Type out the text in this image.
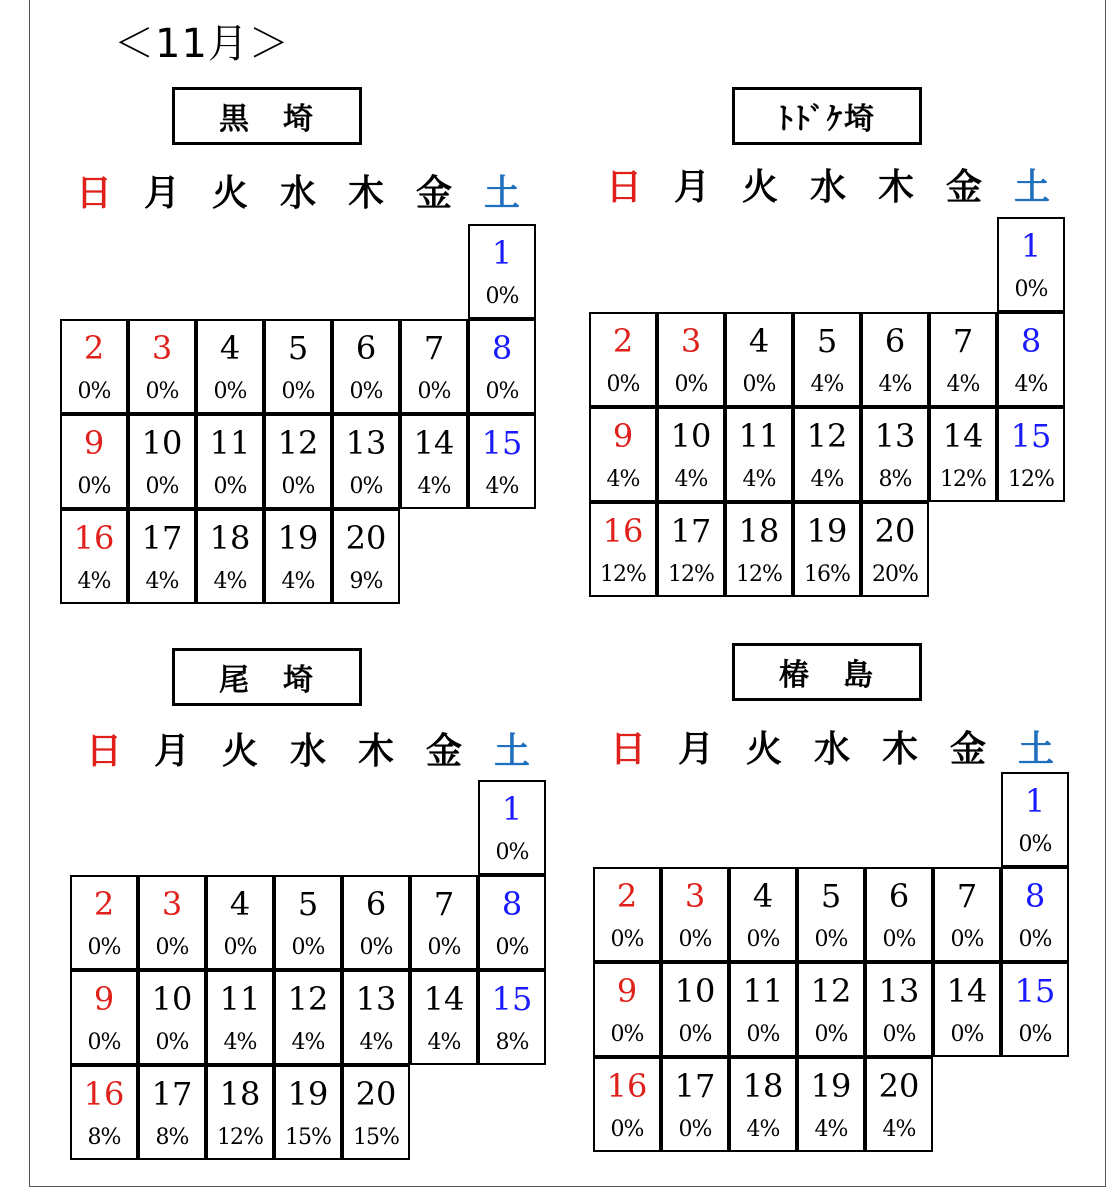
＜11月＞
黒　埼
日 月 火 水 木 金 土
1
0%
2
0%
3
0%
4
0%
5
0%
6
0%
7
0%
8
0%
9
0%
10
0%
11
0%
12
0%
13
0%
14
4%
15
4%
16
4%
17
4%
18
4%
19
4%
20
9%
ﾄﾄﾞｹ埼
日 月 火 水 木 金 土
1
0%
2
0%
3
0%
4
0%
5
4%
6
4%
7
4%
8
4%
9
4%
10
4%
11
4%
12
4%
13
8%
14
12%
15
12%
16
12%
17
12%
18
12%
19
16%
20
20%
尾　埼
日 月 火 水 木 金 土
1
0%
2
0%
3
0%
4
0%
5
0%
6
0%
7
0%
8
0%
9
0%
10
0%
11
4%
12
4%
13
4%
14
4%
15
8%
16
8%
17
8%
18
12%
19
15%
20
15%
椿　島
日 月 火 水 木 金 土
1
0%
2
0%
3
0%
4
0%
5
0%
6
0%
7
0%
8
0%
9
0%
10
0%
11
0%
12
0%
13
0%
14
0%
15
0%
16
0%
17
0%
18
4%
19
4%
20
4%
